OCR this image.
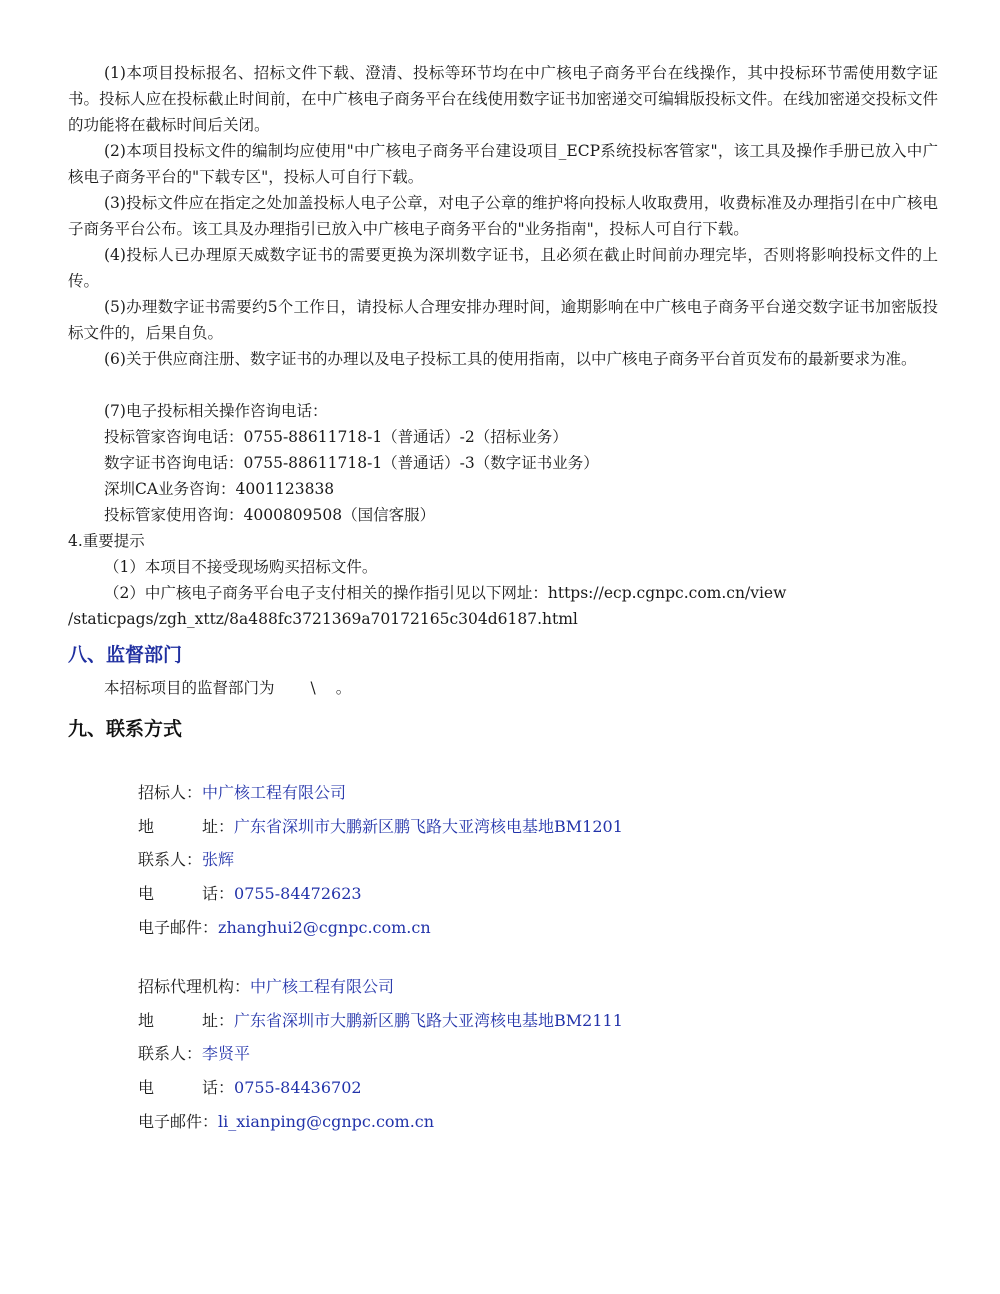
(1)本项目投标报名、招标文件下载、澄清、投标等环节均在中广核电子商务平台在线操作，其中投标环节需使用数字证书。投标人应在投标截止时间前，在中广核电子商务平台在线使用数字证书加密递交可编辑版投标文件。在线加密递交投标文件的功能将在截标时间后关闭。

(2)本项目投标文件的编制均应使用"中广核电子商务平台建设项目_ECP系统投标客管家"，该工具及操作手册已放入中广核电子商务平台的"下载专区"，投标人可自行下载。

(3)投标文件应在指定之处加盖投标人电子公章，对电子公章的维护将向投标人收取费用，收费标准及办理指引在中广核电子商务平台公布。该工具及办理指引已放入中广核电子商务平台的"业务指南"，投标人可自行下载。

(4)投标人已办理原天威数字证书的需要更换为深圳数字证书，且必须在截止时间前办理完毕，否则将影响投标文件的上传。

(5)办理数字证书需要约5个工作日，请投标人合理安排办理时间，逾期影响在中广核电子商务平台递交数字证书加密版投标文件的，后果自负。

(6)关于供应商注册、数字证书的办理以及电子投标工具的使用指南，以中广核电子商务平台首页发布的最新要求为准。

(7)电子投标相关操作咨询电话：

投标管家咨询电话：0755-88611718-1（普通话）-2（招标业务）

数字证书咨询电话：0755-88611718-1（普通话）-3（数字证书业务）

深圳CA业务咨询：4001123838

投标管家使用咨询：4000809508（国信客服）

4.重要提示

（1）本项目不接受现场购买招标文件。

（2）中广核电子商务平台电子支付相关的操作指引见以下网址：https://ecp.cgnpc.com.cn/view

/staticpags/zgh_xttz/8a488fc3721369a70172165c304d6187.html

八、监督部门

本招标项目的监督部门为 \ 。

九、联系方式

招标人：中广核工程有限公司
地	址：广东省深圳市大鹏新区鹏飞路大亚湾核电基地BM1201
联系人：张辉
电	话：0755-84472623
电子邮件：zhanghui2@cgnpc.com.cn
招标代理机构：中广核工程有限公司
地	址：广东省深圳市大鹏新区鹏飞路大亚湾核电基地BM2111
联系人：李贤平
电	话：0755-84436702
电子邮件：li_xianping@cgnpc.com.cn
